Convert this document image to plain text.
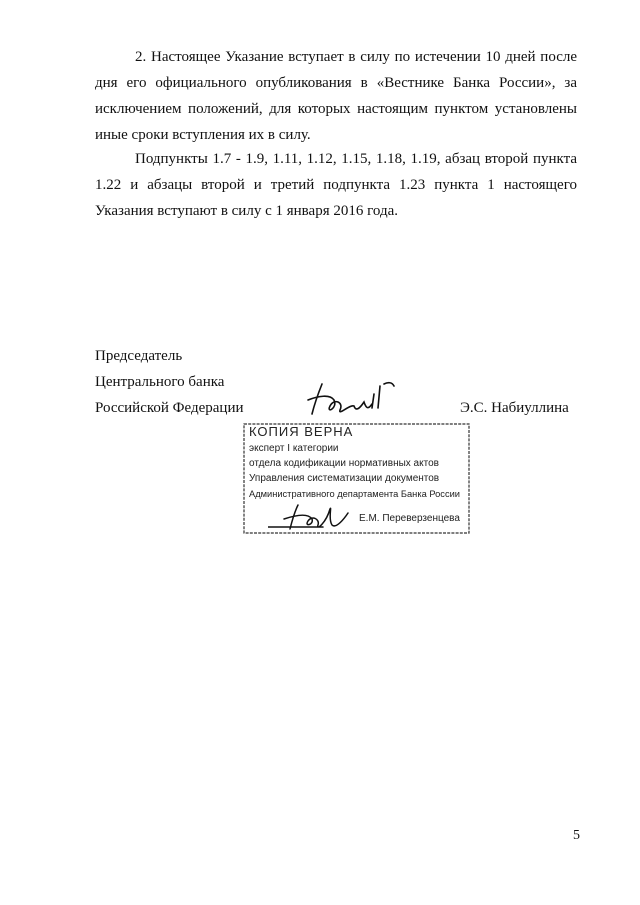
2. Настоящее Указание вступает в силу по истечении 10 дней после
дня его официального опубликования в «Вестнике Банка России», за
исключением положений, для которых настоящим пунктом установлены
иные сроки вступления их в силу.
Подпункты 1.7 - 1.9, 1.11, 1.12, 1.15, 1.18, 1.19, абзац второй пункта
1.22 и абзацы второй и третий подпункта 1.23 пункта 1 настоящего
Указания вступают в силу с 1 января 2016 года.
Председатель
Центрального банка
Российской Федерации	Э.С. Набиуллина
КОПИЯ ВЕРНА
эксперт I категории
отдела кодификации нормативных актов
Управления систематизации документов
Административного департамента Банка России
Е.М. Переверзенцева
5
